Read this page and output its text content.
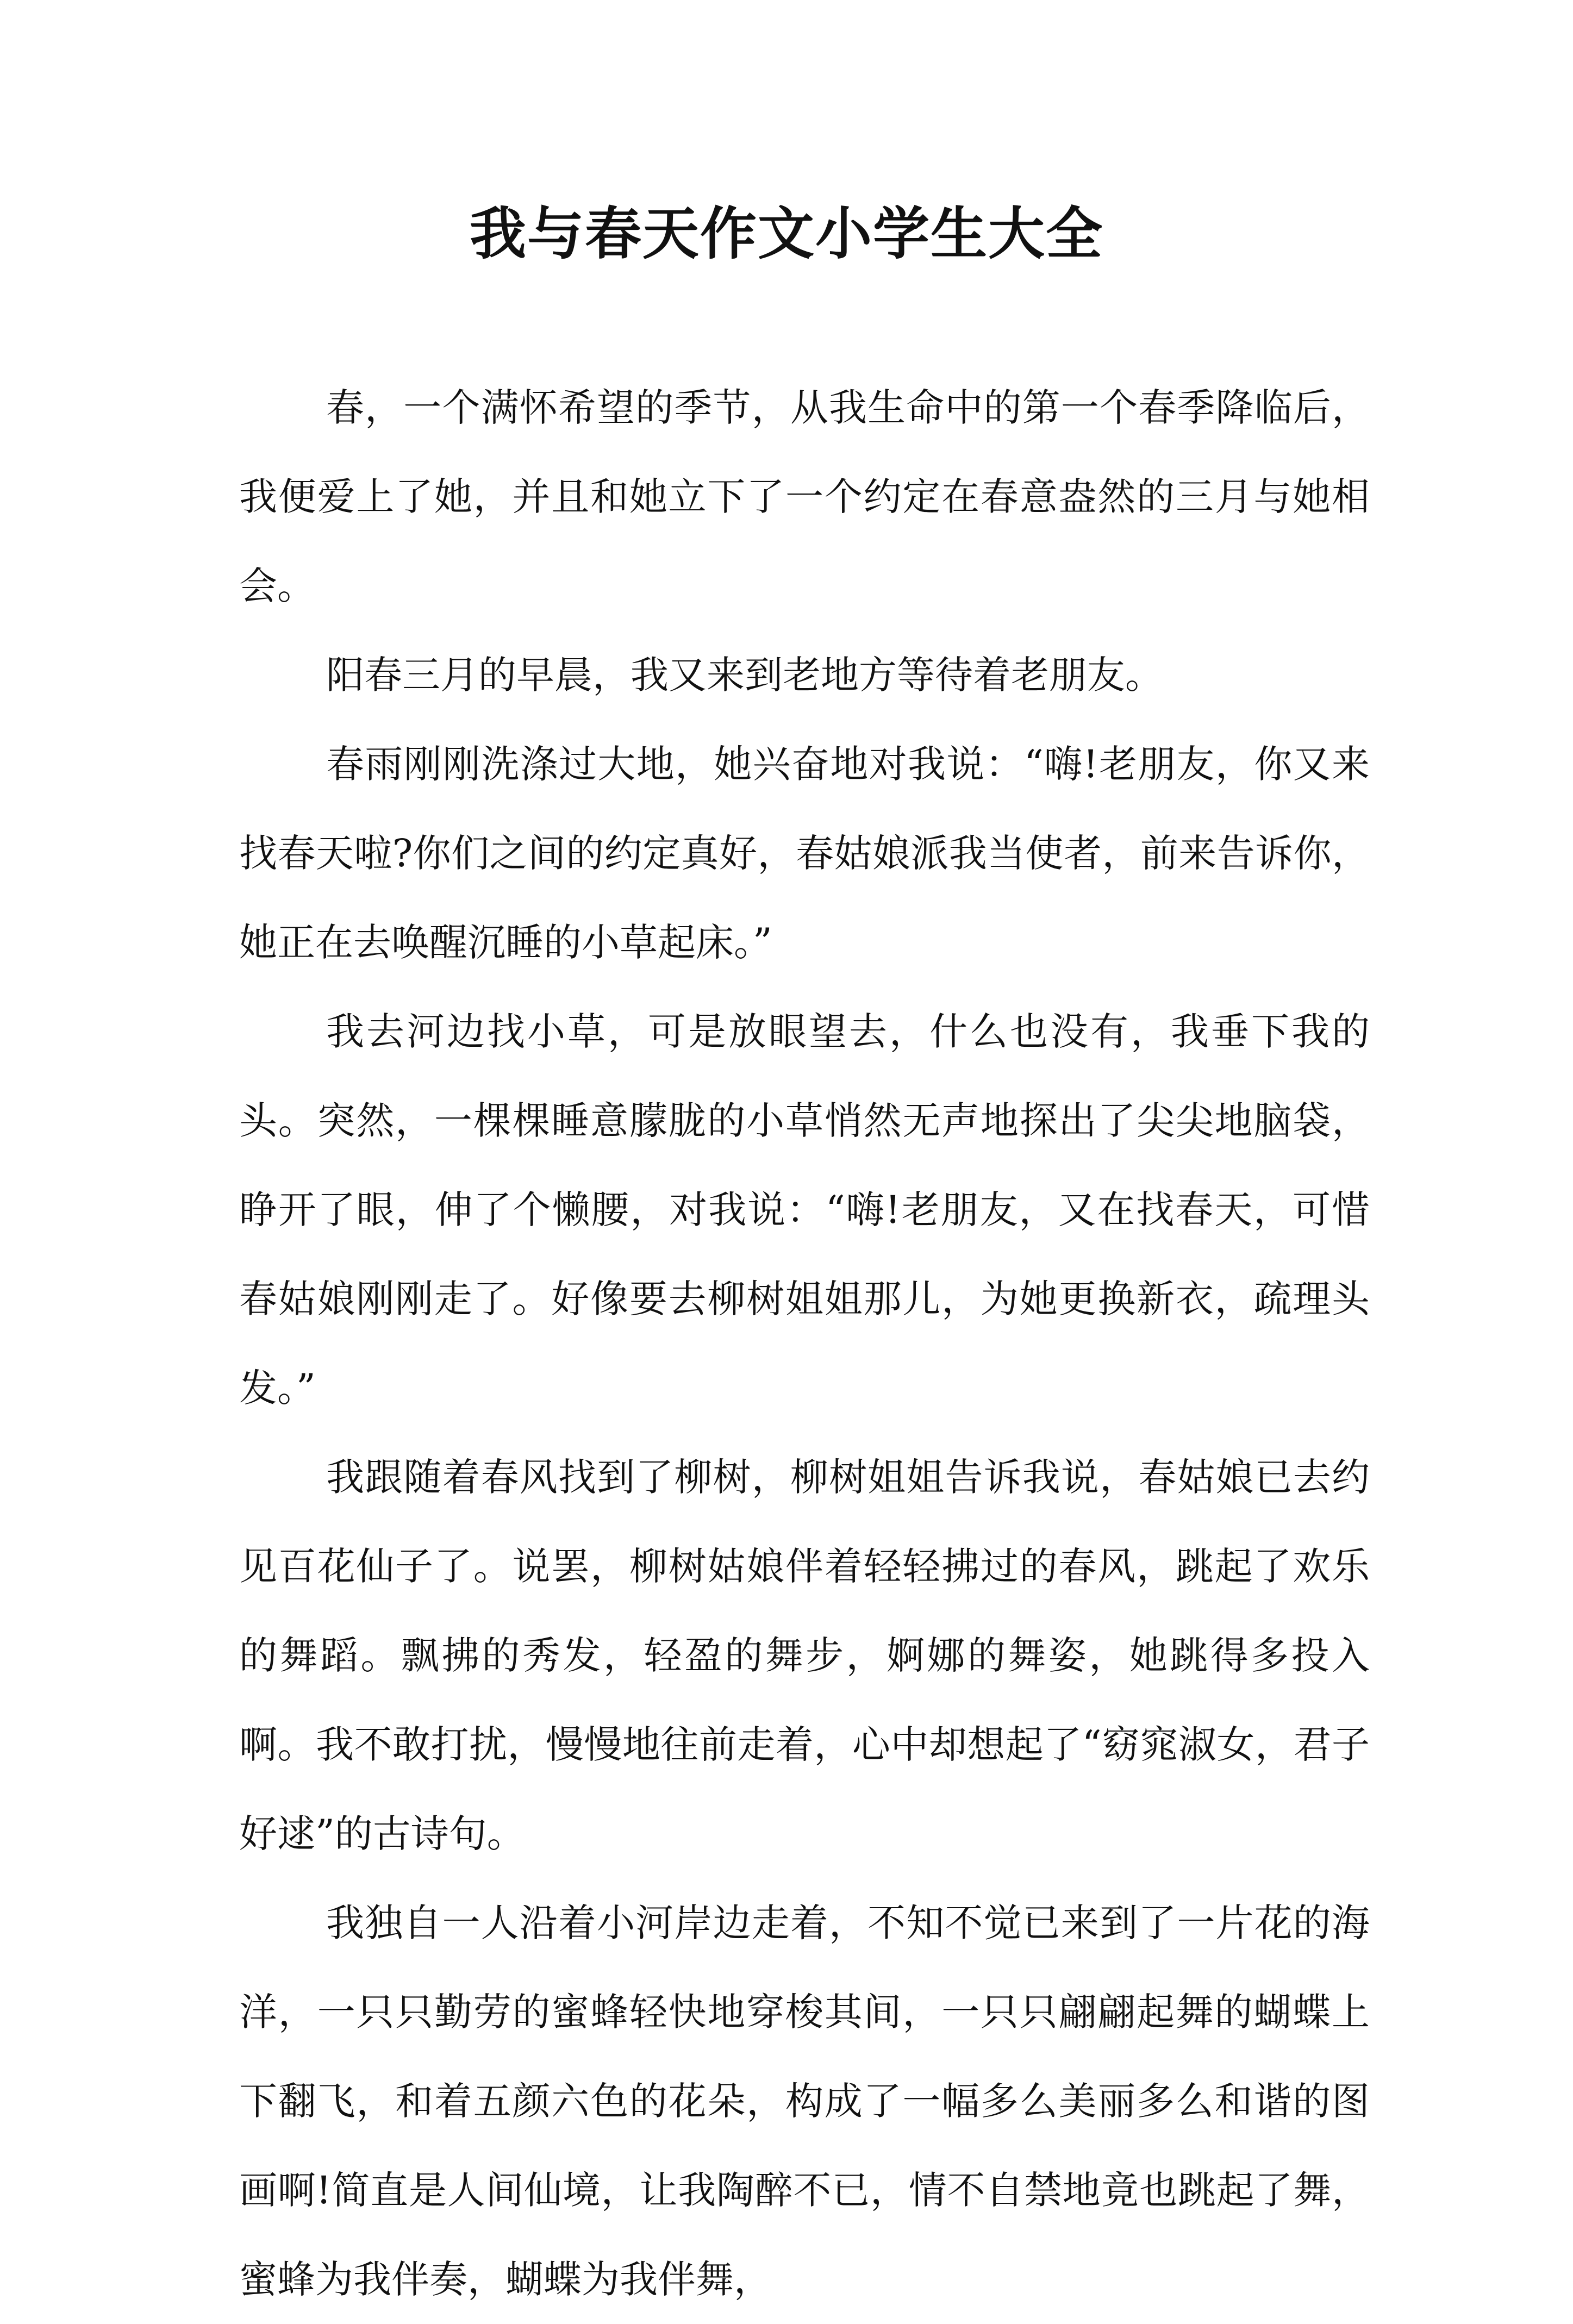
我与春天作文小学生大全

春，一个满怀希望的季节，从我生命中的第一个春季降临后，我便爱上了她，并且和她立下了一个约定在春意盎然的三月与她相会。

阳春三月的早晨，我又来到老地方等待着老朋友。

春雨刚刚洗涤过大地，她兴奋地对我说：“嗨!老朋友，你又来找春天啦?你们之间的约定真好，春姑娘派我当使者，前来告诉你，她正在去唤醒沉睡的小草起床。”

我去河边找小草，可是放眼望去，什么也没有，我垂下我的头。突然，一棵棵睡意朦胧的小草悄然无声地探出了尖尖地脑袋，睁开了眼，伸了个懒腰，对我说：“嗨!老朋友，又在找春天，可惜春姑娘刚刚走了。好像要去柳树姐姐那儿，为她更换新衣，疏理头发。”

我跟随着春风找到了柳树，柳树姐姐告诉我说，春姑娘已去约见百花仙子了。说罢，柳树姑娘伴着轻轻拂过的春风，跳起了欢乐的舞蹈。飘拂的秀发，轻盈的舞步，婀娜的舞姿，她跳得多投入啊。我不敢打扰，慢慢地往前走着，心中却想起了“窈窕淑女，君子好逑”的古诗句。

我独自一人沿着小河岸边走着，不知不觉已来到了一片花的海洋，一只只勤劳的蜜蜂轻快地穿梭其间，一只只翩翩起舞的蝴蝶上下翻飞，和着五颜六色的花朵，构成了一幅多么美丽多么和谐的图画啊!简直是人间仙境，让我陶醉不已，情不自禁地竟也跳起了舞，蜜蜂为我伴奏，蝴蝶为我伴舞，
